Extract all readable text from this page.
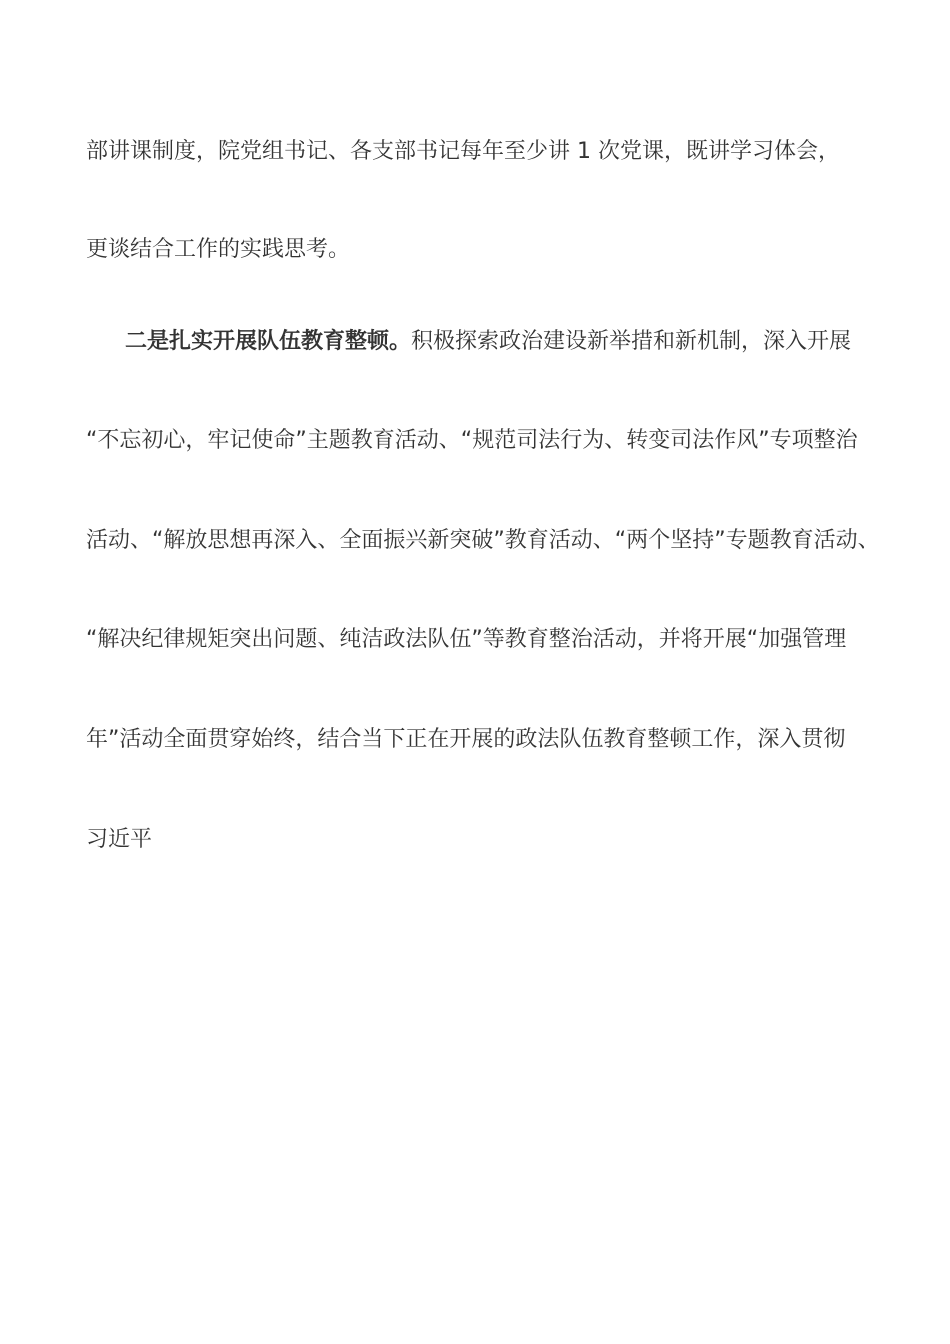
部讲课制度，院党组书记、各支部书记每年至少讲 1 次党课，既讲学习体会，
更谈结合工作的实践思考。
二是扎实开展队伍教育整顿。积极探索政治建设新举措和新机制，深入开展
“不忘初心，牢记使命”主题教育活动、“规范司法行为、转变司法作风”专项整治
活动、“解放思想再深入、全面振兴新突破”教育活动、“两个坚持”专题教育活动、
“解决纪律规矩突出问题、纯洁政法队伍”等教育整治活动，并将开展“加强管理
年”活动全面贯穿始终，结合当下正在开展的政法队伍教育整顿工作，深入贯彻
习近平
